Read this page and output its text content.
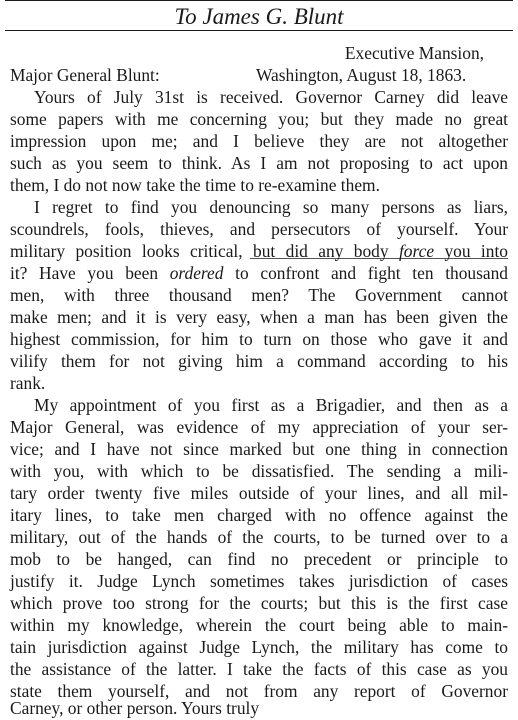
To James G. Blunt
Executive Mansion,
Major General Blunt:	Washington, August 18, 1863.
Yours of July 31st is received. Governor Carney did leave
some papers with me concerning you; but they made no great
impression upon me; and I believe they are not altogether
such as you seem to think. As I am not proposing to act upon
them, I do not now take the time to re-examine them.
I regret to find you denouncing so many persons as liars,
scoundrels, fools, thieves, and persecutors of yourself. Your
military position looks critical, but did any body force you into
it? Have you been ordered to confront and fight ten thousand
men, with three thousand men? The Government cannot
make men; and it is very easy, when a man has been given the
highest commission, for him to turn on those who gave it and
vilify them for not giving him a command according to his
rank.
My appointment of you first as a Brigadier, and then as a
Major General, was evidence of my appreciation of your ser-
vice; and I have not since marked but one thing in connection
with you, with which to be dissatisfied. The sending a mili-
tary order twenty five miles outside of your lines, and all mil-
itary lines, to take men charged with no offence against the
military, out of the hands of the courts, to be turned over to a
mob to be hanged, can find no precedent or principle to
justify it. Judge Lynch sometimes takes jurisdiction of cases
which prove too strong for the courts; but this is the first case
within my knowledge, wherein the court being able to main-
tain jurisdiction against Judge Lynch, the military has come to
the assistance of the latter. I take the facts of this case as you
state them yourself, and not from any report of Governor
Carney, or other person. Yours truly
